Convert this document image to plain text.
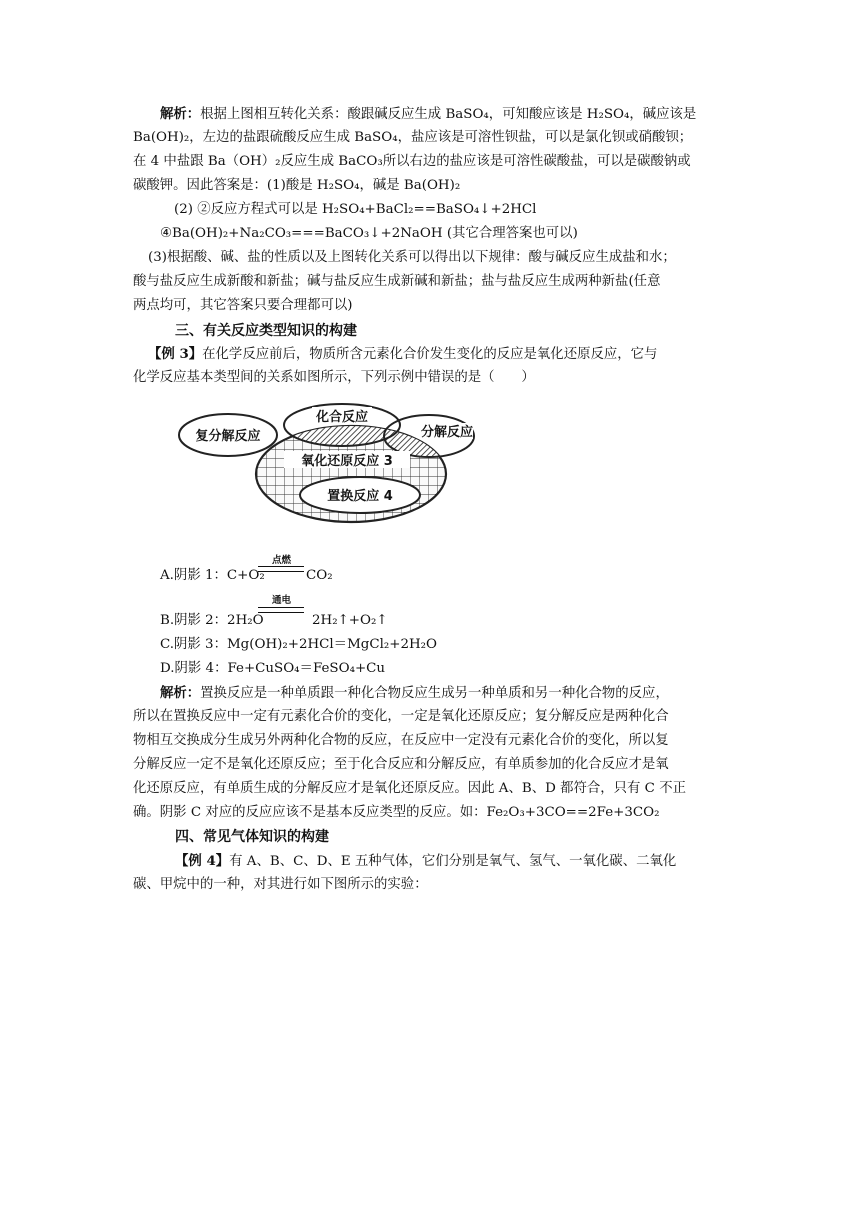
解析：根据上图相互转化关系：酸跟碱反应生成 BaSO₄，可知酸应该是 H₂SO₄，碱应该是
Ba(OH)₂，左边的盐跟硫酸反应生成 BaSO₄，盐应该是可溶性钡盐，可以是氯化钡或硝酸钡；
在 4 中盐跟 Ba（OH）₂反应生成 BaCO₃所以右边的盐应该是可溶性碳酸盐，可以是碳酸钠或
碳酸钾。因此答案是：(1)酸是 H₂SO₄，碱是 Ba(OH)₂
(2) ②反应方程式可以是 H₂SO₄+BaCl₂==BaSO₄↓+2HCl
④Ba(OH)₂+Na₂CO₃===BaCO₃↓+2NaOH (其它合理答案也可以)
(3)根据酸、碱、盐的性质以及上图转化关系可以得出以下规律：酸与碱反应生成盐和水；
酸与盐反应生成新酸和新盐；碱与盐反应生成新碱和新盐；盐与盐反应生成两种新盐(任意
两点均可，其它答案只要合理都可以)
三、有关反应类型知识的构建
【例 3】在化学反应前后，物质所含元素化合价发生变化的反应是氧化还原反应，它与
化学反应基本类型间的关系如图所示，下列示例中错误的是（　　）
化合反应
复分解反应	分解反应
氧化还原反应 3
置换反应 4
A.阴影 1：C+O₂
点燃
CO₂
B.阴影 2：2H₂O
通电
2H₂↑+O₂↑
C.阴影 3：Mg(OH)₂+2HCl＝MgCl₂+2H₂O
D.阴影 4：Fe+CuSO₄＝FeSO₄+Cu
解析：置换反应是一种单质跟一种化合物反应生成另一种单质和另一种化合物的反应，
所以在置换反应中一定有元素化合价的变化，一定是氧化还原反应；复分解反应是两种化合
物相互交换成分生成另外两种化合物的反应，在反应中一定没有元素化合价的变化，所以复
分解反应一定不是氧化还原反应；至于化合反应和分解反应，有单质参加的化合反应才是氧
化还原反应，有单质生成的分解反应才是氧化还原反应。因此 A、B、D 都符合，只有 C 不正
确。阴影 C 对应的反应应该不是基本反应类型的反应。如：Fe₂O₃+3CO==2Fe+3CO₂
四、常见气体知识的构建
【例 4】有 A、B、C、D、E 五种气体，它们分别是氧气、氢气、一氧化碳、二氧化
碳、甲烷中的一种，对其进行如下图所示的实验：
